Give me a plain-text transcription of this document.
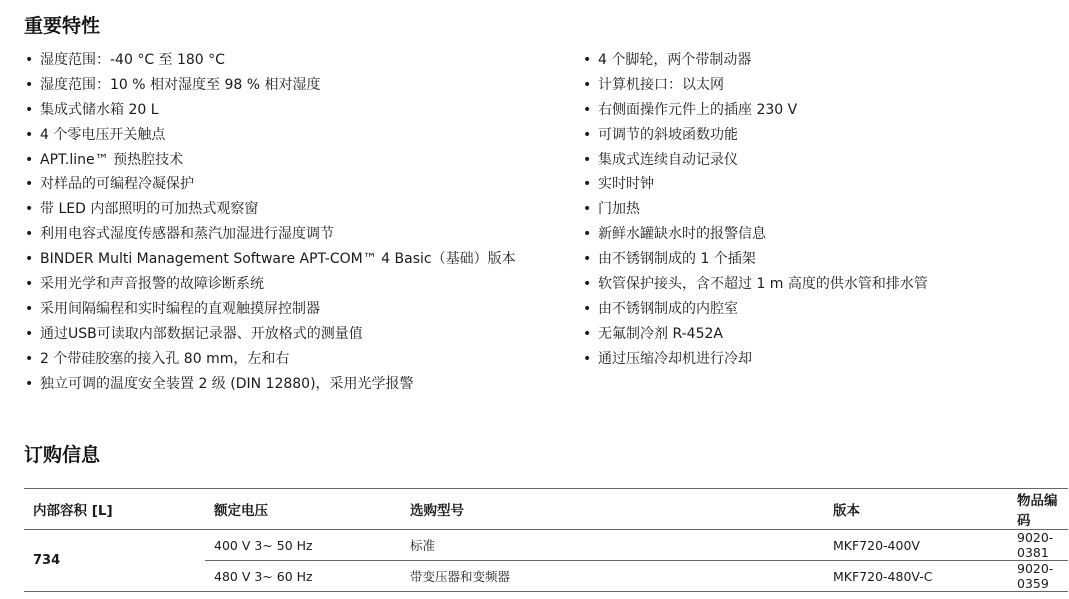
重要特性
• 湿度范围：-40 °C 至 180 °C
• 湿度范围：10 % 相对湿度至 98 % 相对湿度
• 集成式储水箱 20 L
• 4 个零电压开关触点
• APT.line™ 预热腔技术
• 对样品的可编程冷凝保护
• 带 LED 内部照明的可加热式观察窗
• 利用电容式湿度传感器和蒸汽加湿进行湿度调节
• BINDER Multi Management Software APT-COM™ 4 Basic（基础）版本
• 采用光学和声音报警的故障诊断系统
• 采用间隔编程和实时编程的直观触摸屏控制器
• 通过USB可读取内部数据记录器、开放格式的测量值
• 2 个带硅胶塞的接入孔 80 mm，左和右
• 独立可调的温度安全装置 2 级 (DIN 12880)，采用光学报警
• 4 个脚轮，两个带制动器
• 计算机接口：以太网
• 右侧面操作元件上的插座 230 V
• 可调节的斜坡函数功能
• 集成式连续自动记录仪
• 实时时钟
• 门加热
• 新鲜水罐缺水时的报警信息
• 由不锈钢制成的 1 个插架
• 软管保护接头，含不超过 1 m 高度的供水管和排水管
• 由不锈钢制成的内腔室
• 无氟制冷剂 R-452A
• 通过压缩冷却机进行冷却
订购信息
内部容积 [L]	额定电压	选购型号	版本	物品编码
734	400 V 3~ 50 Hz	标准	MKF720-400V	9020-0381
	480 V 3~ 60 Hz	带变压器和变频器	MKF720-480V-C	9020-0359
